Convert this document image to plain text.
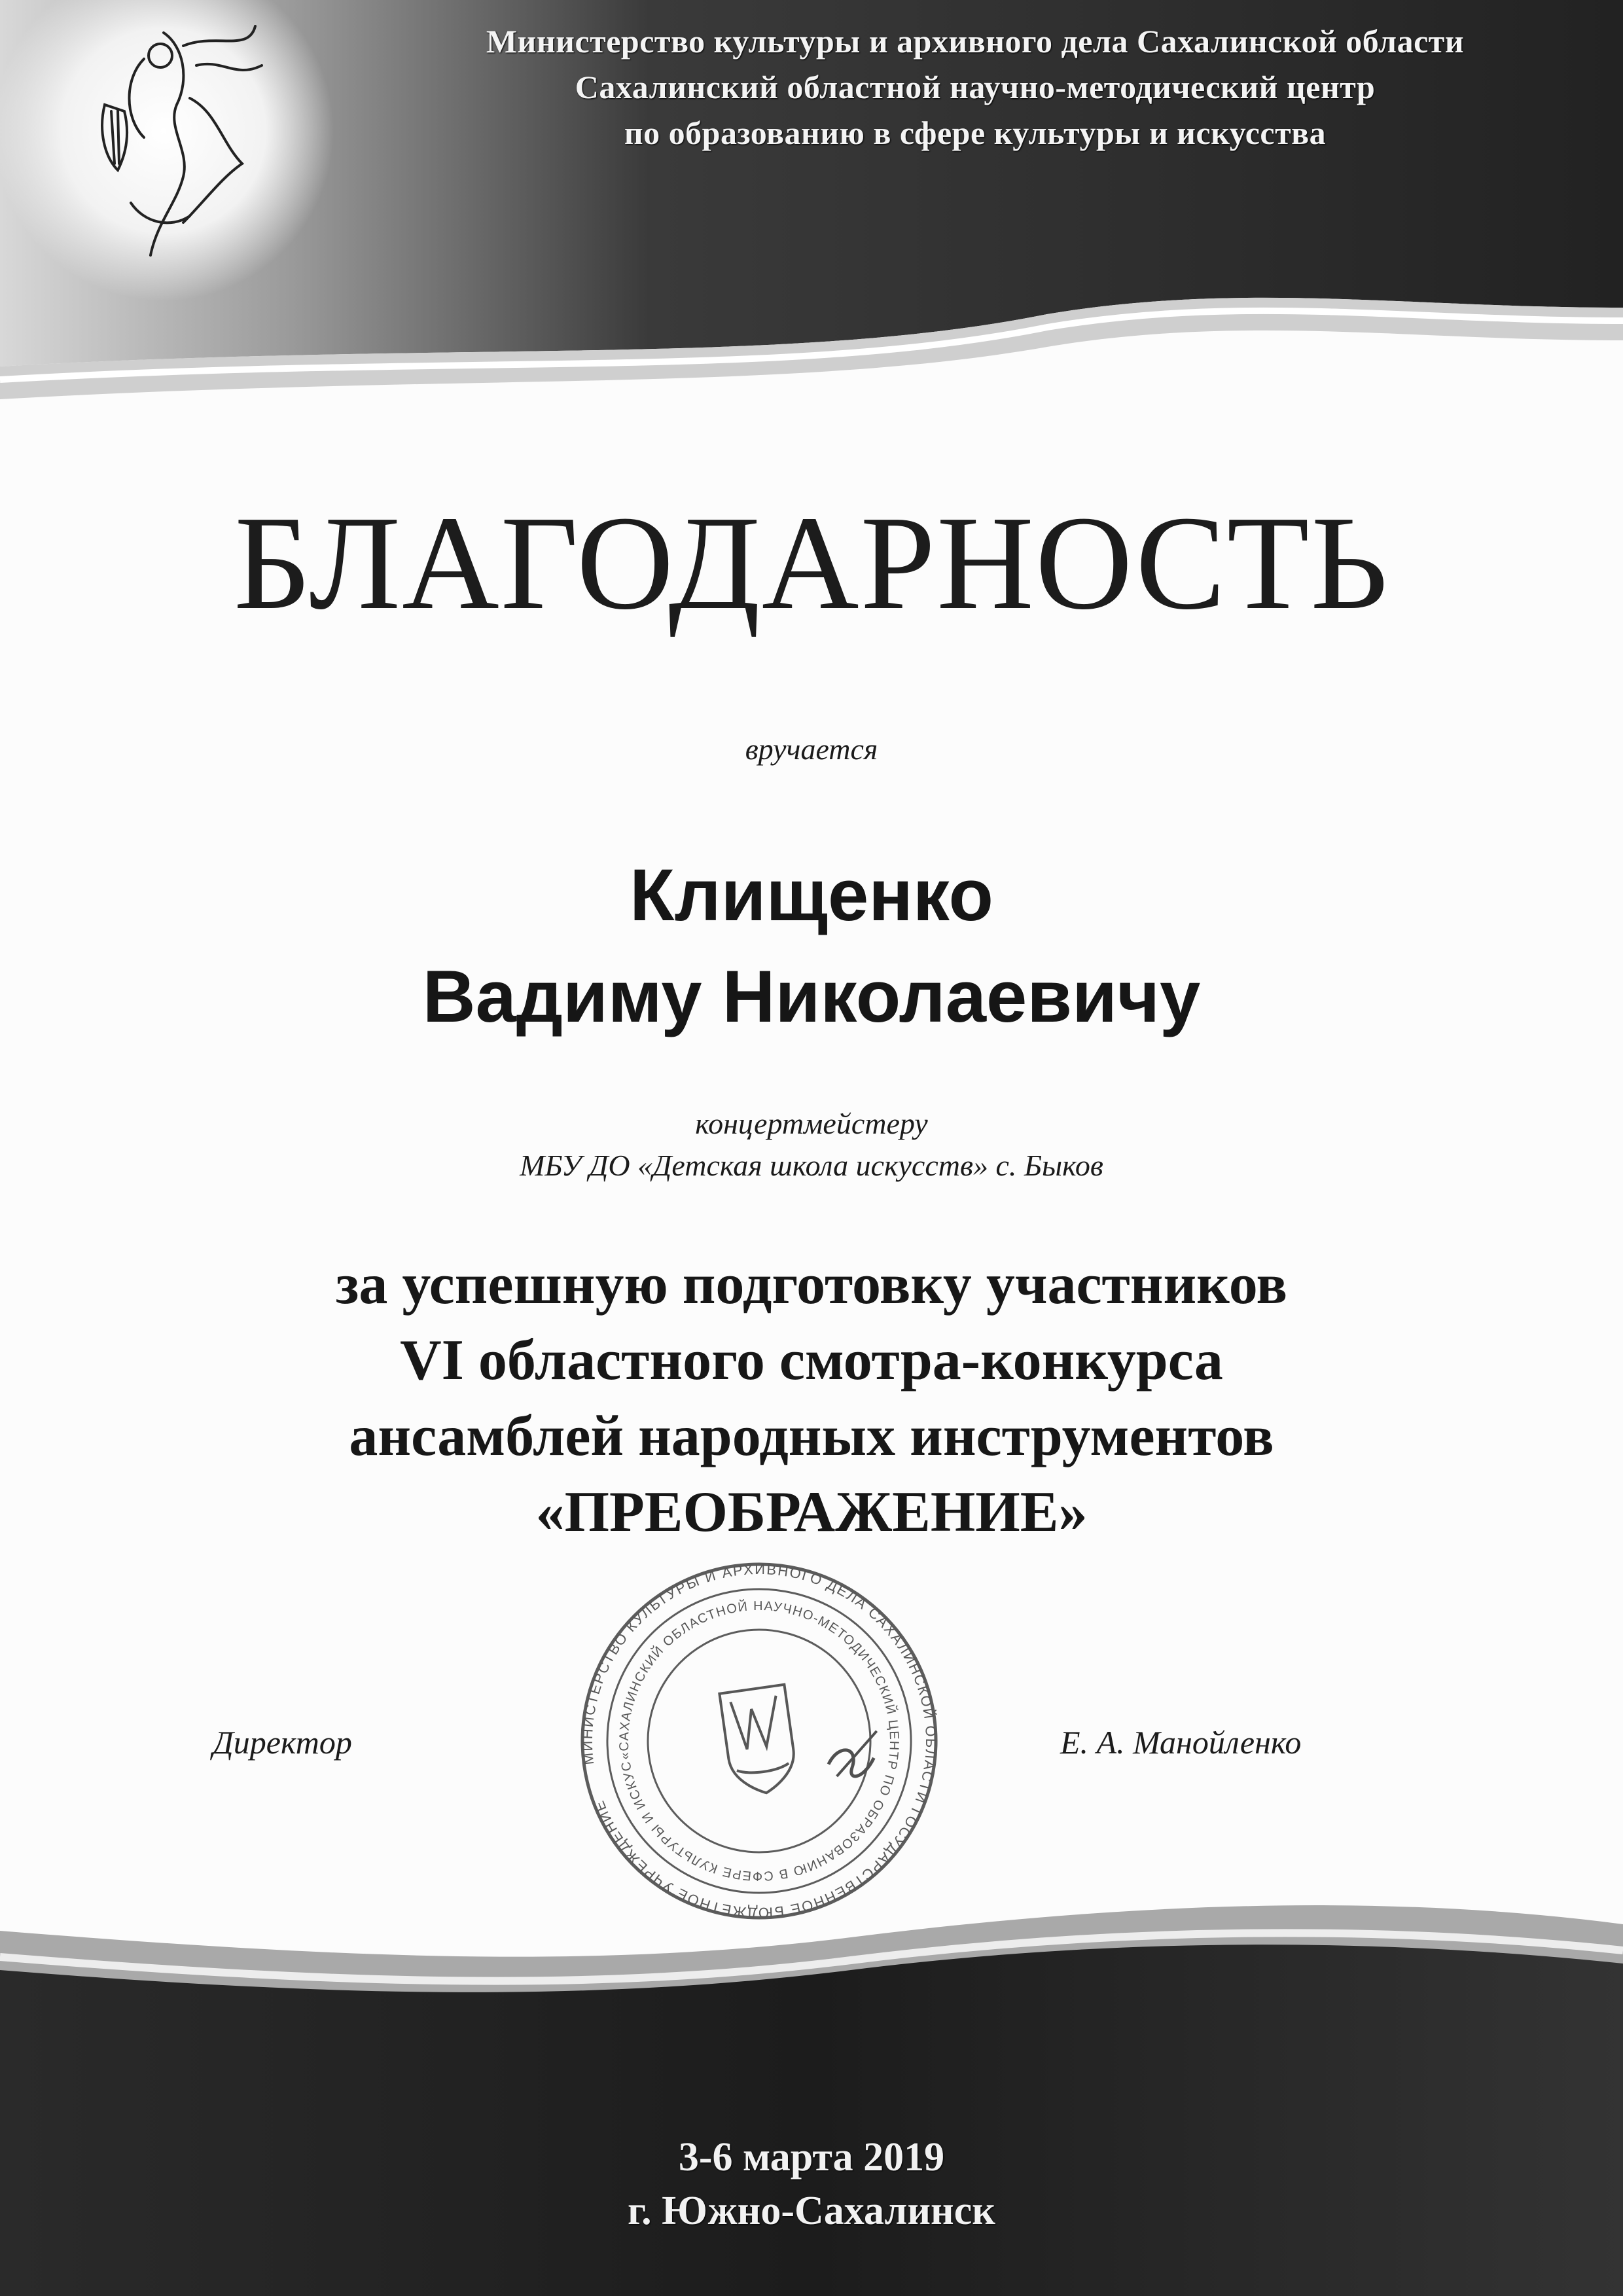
Министерство культуры и архивного дела Сахалинской области
Сахалинский областной научно-методический центр
по образованию в сфере культуры и искусства
БЛАГОДАРНОСТЬ
вручается
Клищенко
Вадиму Николаевичу
концертмейстеру
МБУ ДО «Детская школа искусств» с. Быков
за успешную подготовку участников
VI областного смотра-конкурса
ансамблей народных инструментов
«ПРЕОБРАЖЕНИЕ»
МИНИСТЕРСТВО КУЛЬТУРЫ И АРХИВНОГО ДЕЛА САХАЛИНСКОЙ ОБЛАСТИ ГОСУДАРСТВЕННОЕ БЮДЖЕТНОЕ УЧРЕЖДЕНИЕ
«САХАЛИНСКИЙ ОБЛАСТНОЙ НАУЧНО-МЕТОДИЧЕСКИЙ ЦЕНТР ПО ОБРАЗОВАНИЮ В СФЕРЕ КУЛЬТУРЫ И ИСКУССТВА»
Директор	Е. А. Манойленко
3-6 марта 2019
г. Южно-Сахалинск
